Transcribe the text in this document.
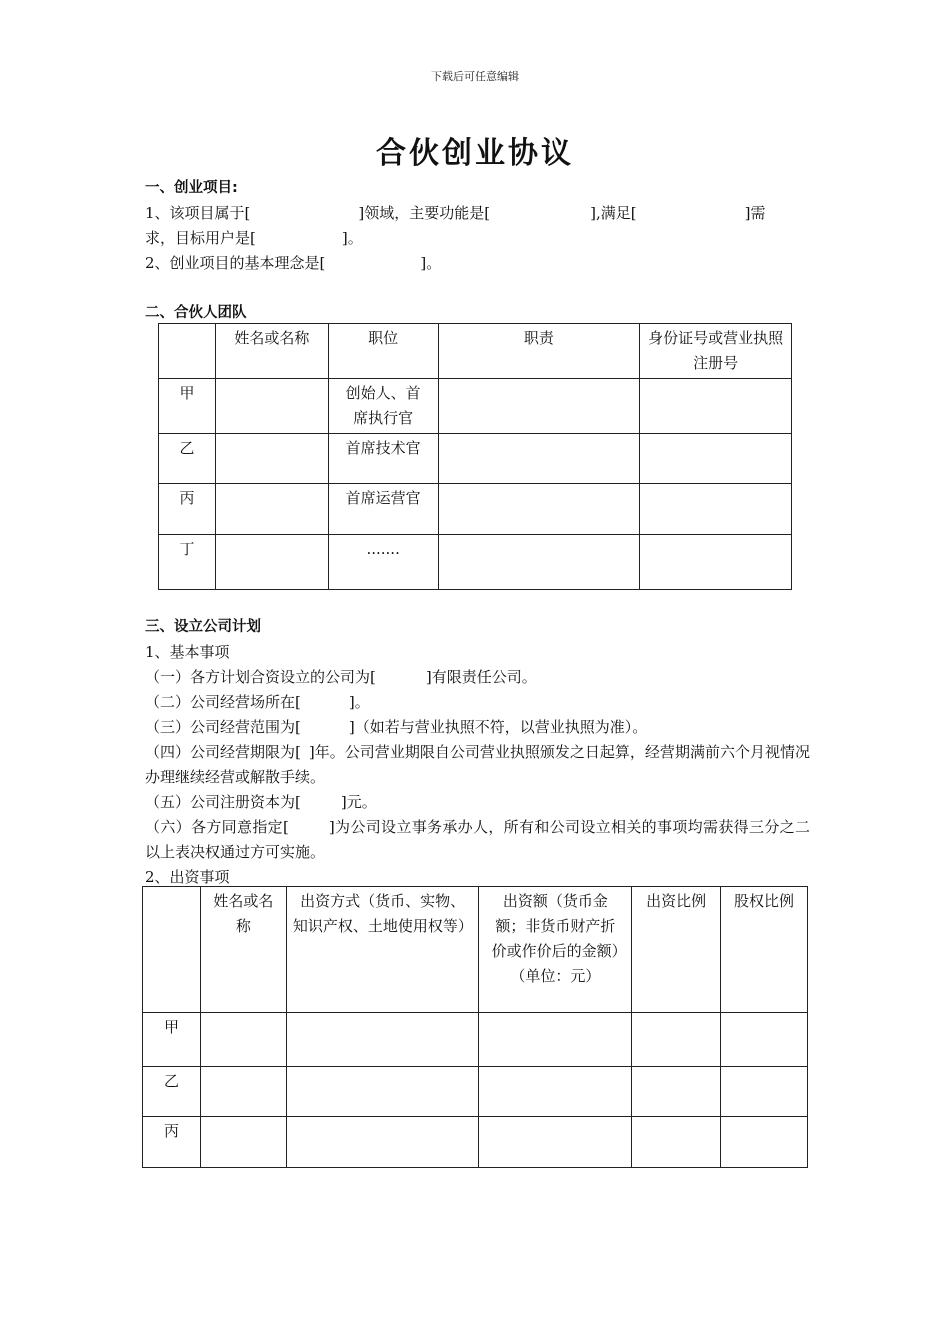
下载后可任意编辑
合伙创业协议
一、创业项目:
1、该项目属于[	]领域，主要功能是[	],满足[	]需
求，目标用户是[	]。
2、创业项目的基本理念是[	]。
二、合伙人团队
	姓名或名称	职位	职责	身份证号或营业执照注册号
甲		创始人、首席执行官		
乙		首席技术官		
丙		首席运营官		
丁		.......		
三、设立公司计划
1、基本事项
（一）各方计划合资设立的公司为[	]有限责任公司。
（二）公司经营场所在[	]。
（三）公司经营范围为[	]（如若与营业执照不符，以营业执照为准）。
（四）公司经营期限为[ ]年。公司营业期限自公司营业执照颁发之日起算，经营期满前六个月视情况办理继续经营或解散手续。
（五）公司注册资本为[	]元。
（六）各方同意指定[	]为公司设立事务承办人，所有和公司设立相关的事项均需获得三分之二以上表决权通过方可实施。
2、出资事项
	姓名或名称	出资方式（货币、实物、知识产权、土地使用权等）	出资额（货币金额；非货币财产折价或作价后的金额）（单位：元）	出资比例	股权比例
甲					
乙					
丙					
